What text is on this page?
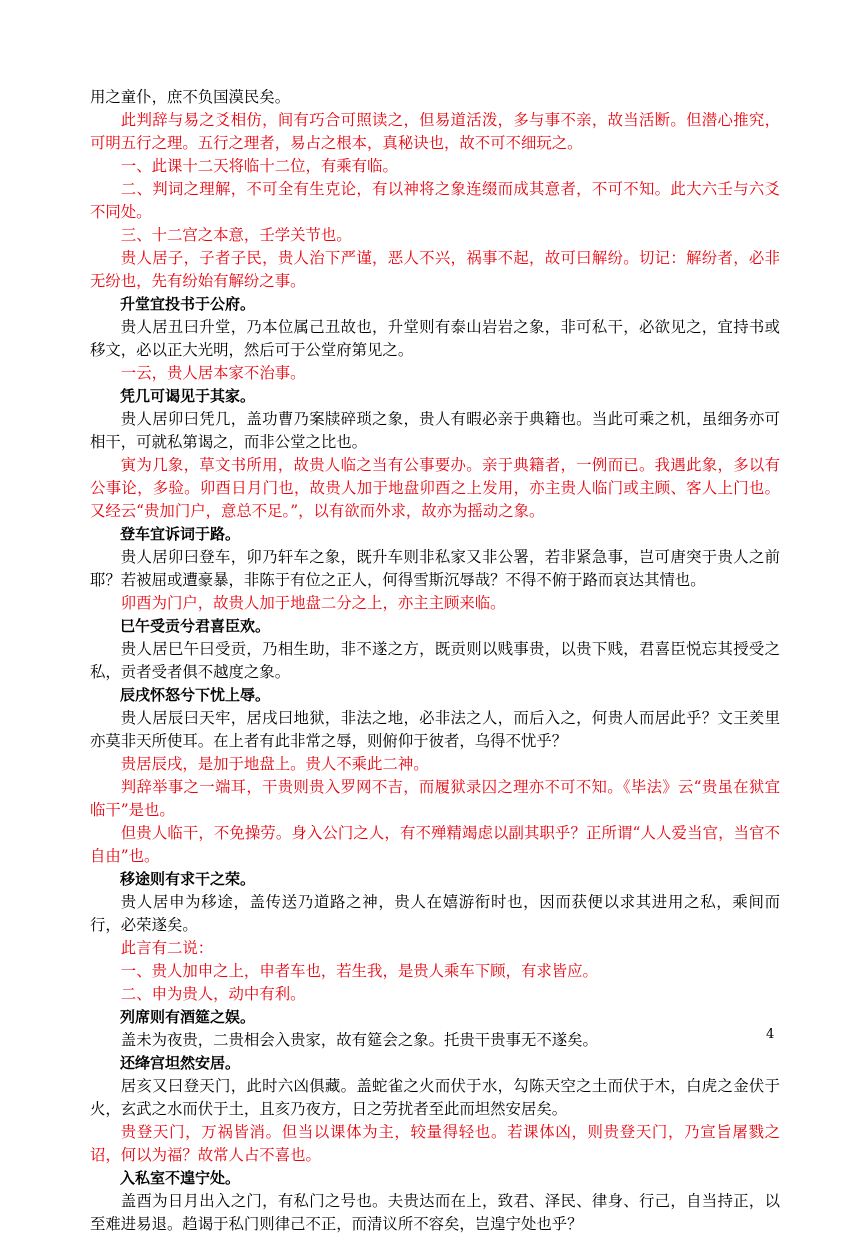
用之童仆，庶不负国漠民矣。

此判辞与易之爻相仿，间有巧合可照读之，但易道活泼，多与事不亲，故当活断。但潜心推究，可明五行之理。五行之理者，易占之根本，真秘诀也，故不可不细玩之。

一、此课十二天将临十二位，有乘有临。

二、判词之理解，不可全有生克论，有以神将之象连缀而成其意者，不可不知。此大六壬与六爻不同处。

三、十二宫之本意，壬学关节也。

贵人居子，子者子民，贵人治下严谨，恶人不兴，祸事不起，故可曰解纷。切记：解纷者，必非无纷也，先有纷始有解纷之事。

升堂宜投书于公府。

贵人居丑曰升堂，乃本位属己丑故也，升堂则有泰山岩岩之象，非可私干，必欲见之，宜持书或移文，必以正大光明，然后可于公堂府第见之。

一云，贵人居本家不治事。

凭几可谒见于其家。

贵人居卯曰凭几，盖功曹乃案牍碎琐之象，贵人有暇必亲于典籍也。当此可乘之机，虽细务亦可相干，可就私第谒之，而非公堂之比也。

寅为几象，草文书所用，故贵人临之当有公事要办。亲于典籍者，一例而已。我遇此象，多以有公事论，多验。卯酉日月门也，故贵人加于地盘卯酉之上发用，亦主贵人临门或主顾、客人上门也。 又经云“贵加门户，意总不足。”，以有欲而外求，故亦为摇动之象。

登车宜诉词于路。

贵人居卯曰登车，卯乃轩车之象，既升车则非私家又非公署，若非紧急事，岂可唐突于贵人之前耶？若被屈或遭豪暴，非陈于有位之正人，何得雪斯沉辱哉？不得不俯于路而哀达其情也。

卯酉为门户，故贵人加于地盘二分之上，亦主主顾来临。

巳午受贡兮君喜臣欢。

贵人居巳午曰受贡，乃相生助，非不遂之方，既贡则以贱事贵，以贵下贱，君喜臣悦忘其授受之私，贡者受者俱不越度之象。

辰戌怀怒兮下忧上辱。

贵人居辰曰天牢，居戌曰地狱，非法之地，必非法之人，而后入之，何贵人而居此乎？文王羑里亦莫非天所使耳。在上者有此非常之辱，则俯仰于彼者，乌得不忧乎？

贵居辰戌，是加于地盘上。贵人不乘此二神。

判辞举事之一端耳，干贵则贵入罗网不吉，而履狱录囚之理亦不可不知。《毕法》云“贵虽在狱宜临干”是也。

但贵人临干，不免操劳。身入公门之人，有不殚精竭虑以副其职乎？正所谓“人人爱当官，当官不自由”也。

移途则有求干之荣。

贵人居申为移途，盖传送乃道路之神，贵人在嬉游衔时也，因而获便以求其进用之私，乘间而行，必荣遂矣。

此言有二说：

一、贵人加申之上，申者车也，若生我，是贵人乘车下顾，有求皆应。

二、申为贵人，动中有利。

列席则有酒筵之娱。

盖未为夜贵，二贵相会入贵家，故有筵会之象。托贵干贵事无不遂矣。

还绛宫坦然安居。

居亥又曰登天门，此时六凶俱藏。盖蛇雀之火而伏于水，勾陈天空之土而伏于木，白虎之金伏于火，玄武之水而伏于土，且亥乃夜方，日之劳扰者至此而坦然安居矣。

贵登天门，万祸皆消。但当以课体为主，较量得轻也。若课体凶，则贵登天门，乃宣旨屠戮之诏，何以为福？故常人占不喜也。

入私室不遑宁处。

盖酉为日月出入之门，有私门之号也。夫贵达而在上，致君、泽民、律身、行己，自当持正，以至难进易退。趋谒于私门则律己不正，而清议所不容矣，岂遑宁处也乎？

4
